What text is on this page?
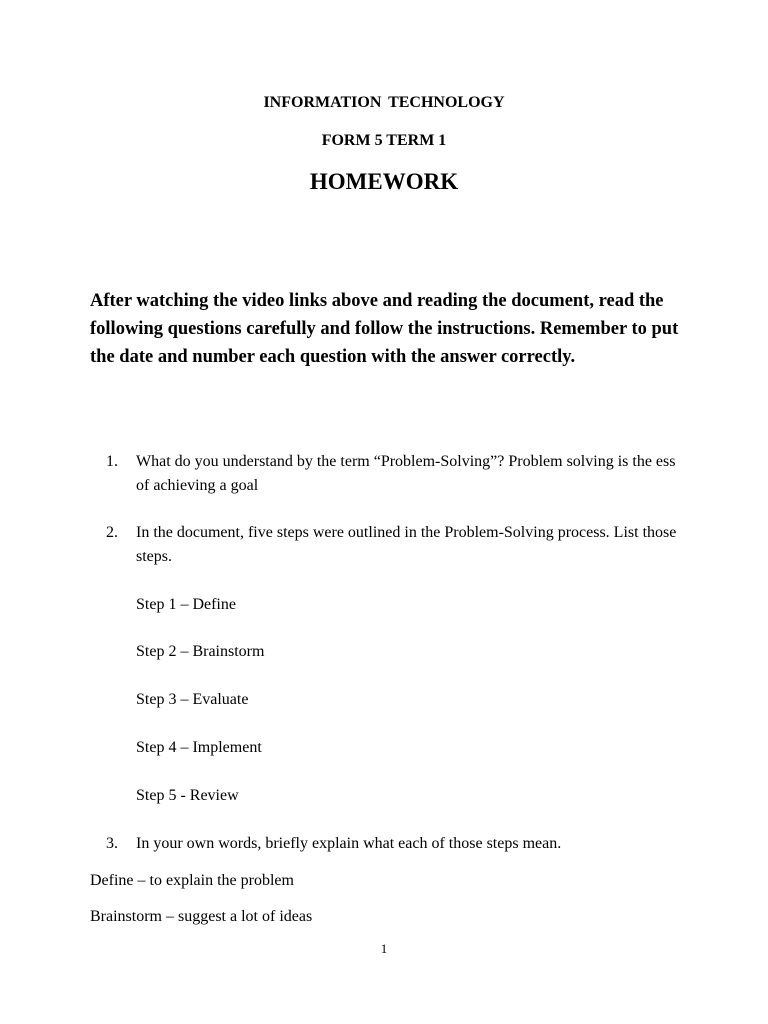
INFORMATION TECHNOLOGY

FORM 5 TERM 1

HOMEWORK

After watching the video links above and reading the document, read the following questions carefully and follow the instructions. Remember to put the date and number each question with the answer correctly.

1.	What do you understand by the term “Problem-Solving”? Problem solving is the ess of achieving a goal
2.	In the document, five steps were outlined in the Problem-Solving process. List those steps.

Step 1 – Define

Step 2 – Brainstorm

Step 3 – Evaluate

Step 4 – Implement

Step 5 - Review

3.	In your own words, briefly explain what each of those steps mean.

Define – to explain the problem

Brainstorm – suggest a lot of ideas

1
